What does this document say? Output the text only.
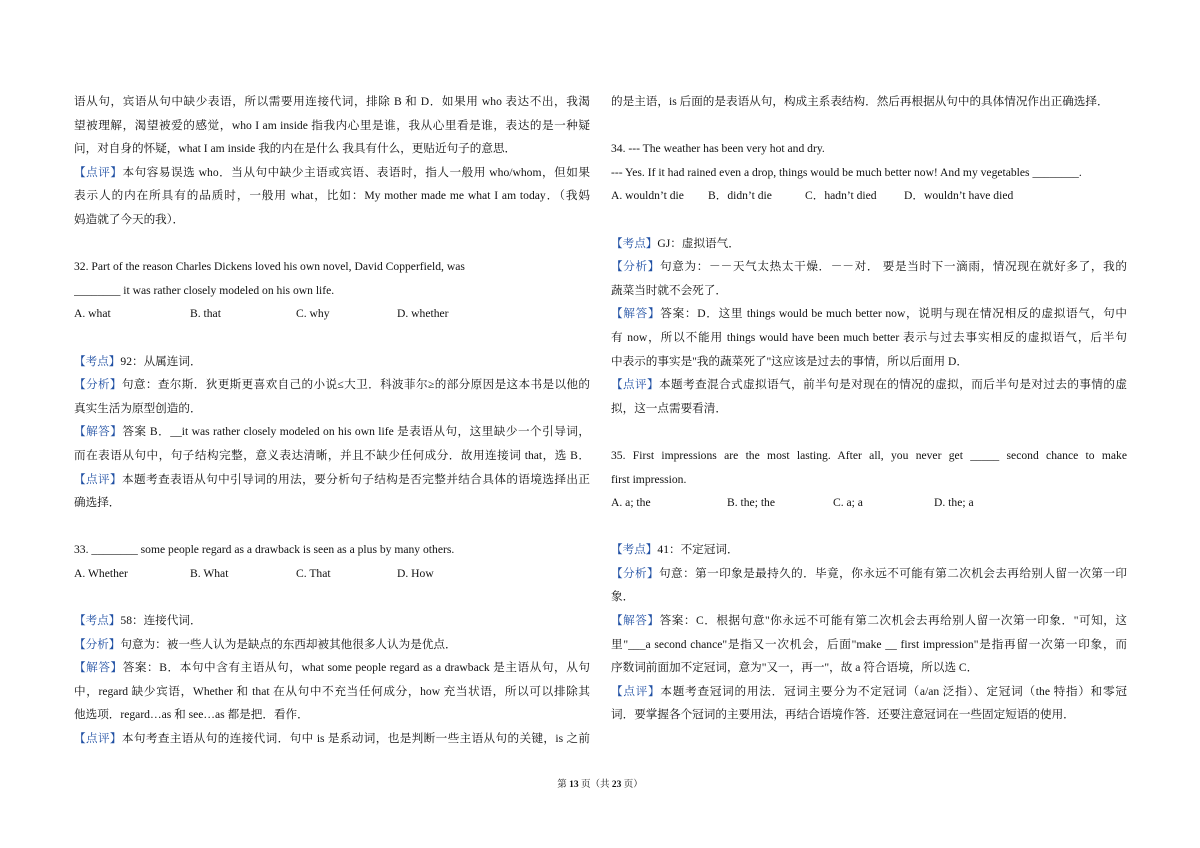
语从句，宾语从句中缺少表语，所以需要用连接代词，排除 B 和 D．如果用 who 表达不出，我渴
望被理解，渴望被爱的感觉，who I am inside 指我内心里是谁，我从心里看是谁，表达的是一种疑
问，对自身的怀疑，what I am inside 我的内在是什么 我具有什么，更贴近句子的意思．
【点评】本句容易误选 who．当从句中缺少主语或宾语、表语时，指人一般用 who/whom，但如果
表示人的内在所具有的品质时，一般用 what，比如：My mother made me what I am today．（我妈
妈造就了今天的我）．
32. Part of the reason Charles Dickens loved his own novel, David Copperfield, was
________ it was rather closely modeled on his own life.
A. what	B. that	C. why	D. whether
【考点】92：从属连词．
【分析】句意：查尔斯．狄更斯更喜欢自己的小说≤大卫．科波菲尔≥的部分原因是这本书是以他的
真实生活为原型创造的．
【解答】答案 B．__it was rather closely modeled on his own life 是表语从句，这里缺少一个引导词，
而在表语从句中，句子结构完整，意义表达清晰，并且不缺少任何成分．故用连接词 that，选 B．
【点评】本题考查表语从句中引导词的用法，要分析句子结构是否完整并结合具体的语境选择出正
确选择．
33. ________ some people regard as a drawback is seen as a plus by many others.
A. Whether	B. What	C. That	D. How
【考点】58：连接代词．
【分析】句意为：被一些人认为是缺点的东西却被其他很多人认为是优点．
【解答】答案：B．本句中含有主语从句，what some people regard as a drawback 是主语从句，从句
中，regard 缺少宾语，Whether 和 that 在从句中不充当任何成分，how 充当状语，所以可以排除其
他选项．regard…as 和 see…as 都是把．看作．
【点评】本句考查主语从句的连接代词．句中 is 是系动词，也是判断一些主语从句的关键，is 之前
的是主语，is 后面的是表语从句，构成主系表结构．然后再根据从句中的具体情况作出正确选择．
34. --- The weather has been very hot and dry.
--- Yes. If it had rained even a drop, things would be much better now! And my vegetables ________.
A. wouldn’t die	B．didn’t die	C．hadn’t died	D．wouldn’t have died
【考点】GJ：虚拟语气．
【分析】句意为：－－天气太热太干燥．－－对． 要是当时下一滴雨，情况现在就好多了，我的
蔬菜当时就不会死了．
【解答】答案：D．这里 things would be much better now，说明与现在情况相反的虚拟语气，句中
有 now，所以不能用 things would have been much better 表示与过去事实相反的虚拟语气，后半句
中表示的事实是"我的蔬菜死了"这应该是过去的事情，所以后面用 D．
【点评】本题考查混合式虚拟语气，前半句是对现在的情况的虚拟，而后半句是对过去的事情的虚
拟，这一点需要看清．
35. First impressions are the most lasting. After all, you never get _____ second chance to make
first impression.
A. a; the	B. the; the	C. a; a	D. the; a
【考点】41：不定冠词．
【分析】句意：第一印象是最持久的．毕竟，你永远不可能有第二次机会去再给别人留一次第一印
象．
【解答】答案：C．根据句意"你永远不可能有第二次机会去再给别人留一次第一印象．"可知，这
里"___a second chance"是指又一次机会，后面"make __ first impression"是指再留一次第一印象，而
序数词前面加不定冠词，意为"又一，再一"，故 a 符合语境，所以选 C．
【点评】本题考查冠词的用法．冠词主要分为不定冠词（a/an 泛指）、定冠词（the 特指）和零冠
词．要掌握各个冠词的主要用法，再结合语境作答．还要注意冠词在一些固定短语的使用．
第 13 页（共 23 页）
